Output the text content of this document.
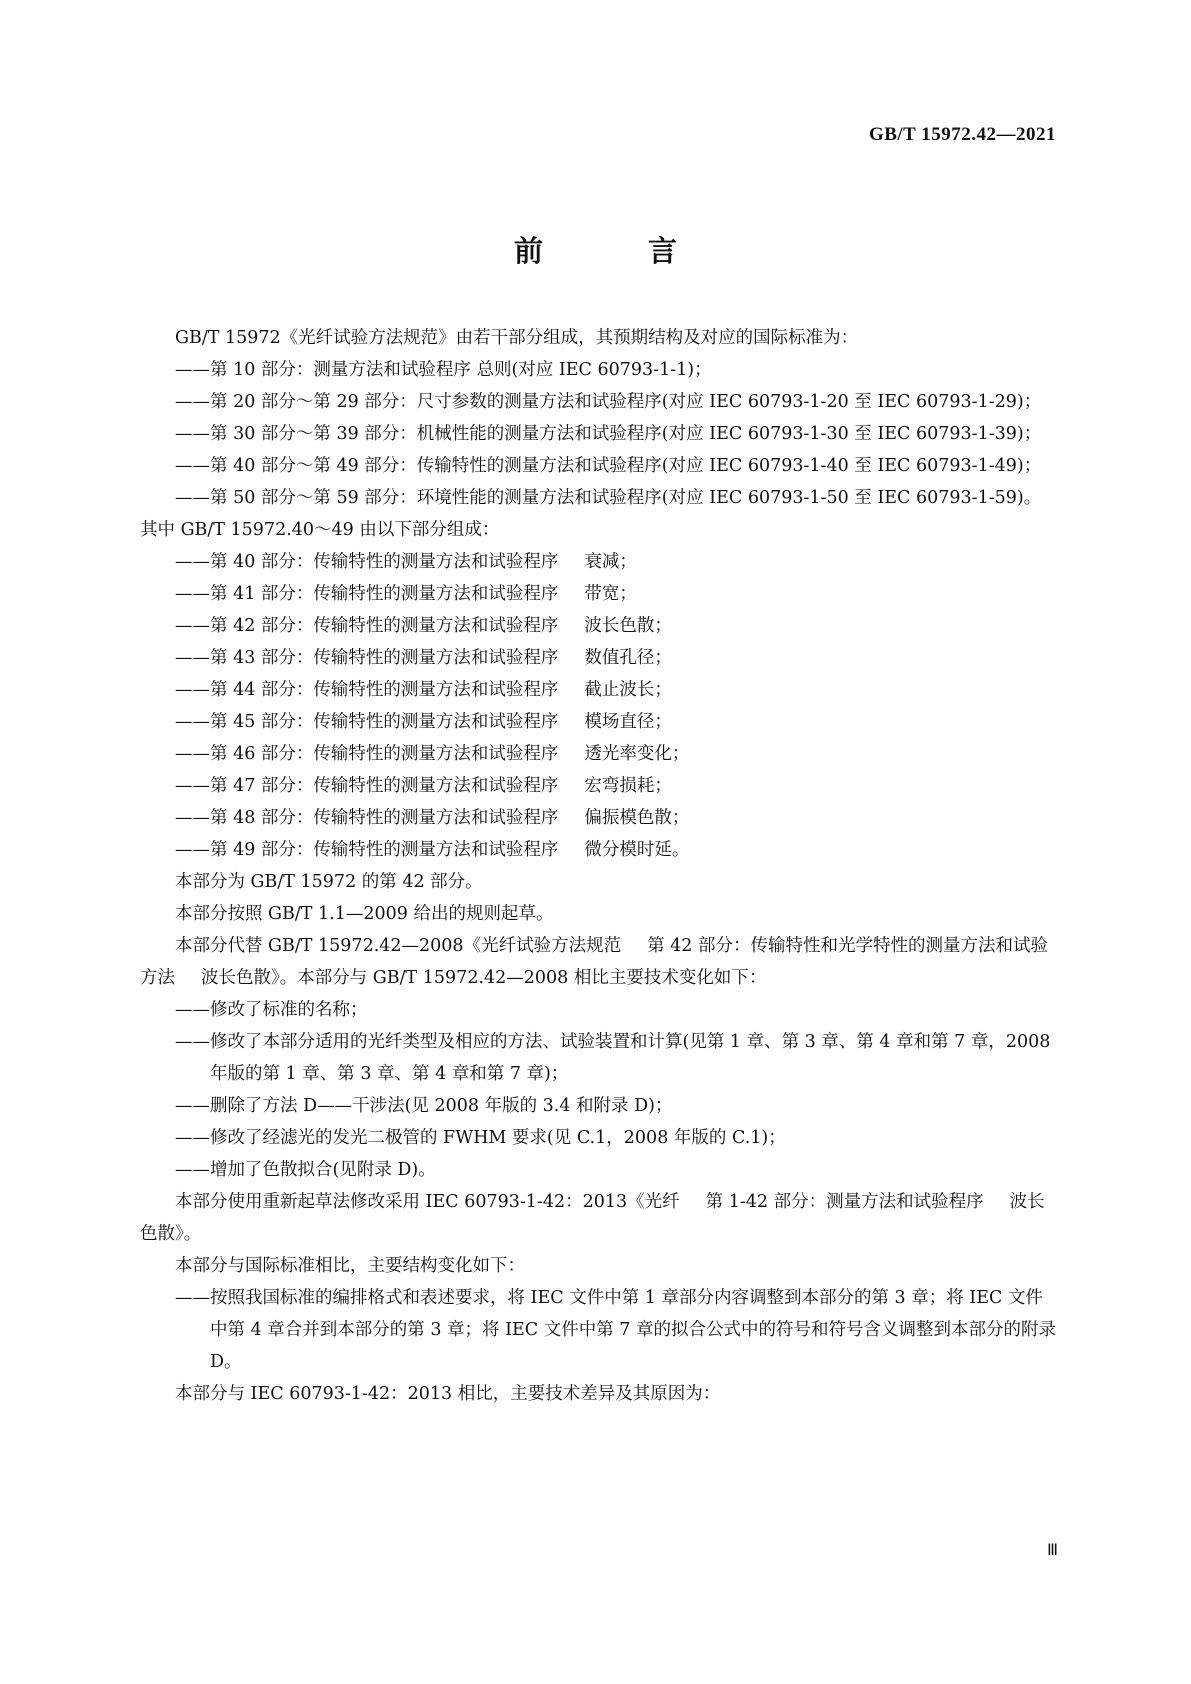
GB/T 15972.42—2021
前　言
GB/T 15972《光纤试验方法规范》由若干部分组成，其预期结构及对应的国际标准为：
——第 10 部分：测量方法和试验程序 总则(对应 IEC 60793-1-1)；
——第 20 部分～第 29 部分：尺寸参数的测量方法和试验程序(对应 IEC 60793-1-20 至 IEC 60793-1-29)；
——第 30 部分～第 39 部分：机械性能的测量方法和试验程序(对应 IEC 60793-1-30 至 IEC 60793-1-39)；
——第 40 部分～第 49 部分：传输特性的测量方法和试验程序(对应 IEC 60793-1-40 至 IEC 60793-1-49)；
——第 50 部分～第 59 部分：环境性能的测量方法和试验程序(对应 IEC 60793-1-50 至 IEC 60793-1-59)。
其中 GB/T 15972.40～49 由以下部分组成：
——第 40 部分：传输特性的测量方法和试验程序 衰减；
——第 41 部分：传输特性的测量方法和试验程序 带宽；
——第 42 部分：传输特性的测量方法和试验程序 波长色散；
——第 43 部分：传输特性的测量方法和试验程序 数值孔径；
——第 44 部分：传输特性的测量方法和试验程序 截止波长；
——第 45 部分：传输特性的测量方法和试验程序 模场直径；
——第 46 部分：传输特性的测量方法和试验程序 透光率变化；
——第 47 部分：传输特性的测量方法和试验程序 宏弯损耗；
——第 48 部分：传输特性的测量方法和试验程序 偏振模色散；
——第 49 部分：传输特性的测量方法和试验程序 微分模时延。
本部分为 GB/T 15972 的第 42 部分。
本部分按照 GB/T 1.1—2009 给出的规则起草。
本部分代替 GB/T 15972.42—2008《光纤试验方法规范 第 42 部分：传输特性和光学特性的测量方法和试验方法 波长色散》。本部分与 GB/T 15972.42—2008 相比主要技术变化如下：
——修改了标准的名称；
——修改了本部分适用的光纤类型及相应的方法、试验装置和计算(见第 1 章、第 3 章、第 4 章和第 7 章，2008 年版的第 1 章、第 3 章、第 4 章和第 7 章)；
——删除了方法 D——干涉法(见 2008 年版的 3.4 和附录 D)；
——修改了经滤光的发光二极管的 FWHM 要求(见 C.1，2008 年版的 C.1)；
——增加了色散拟合(见附录 D)。
本部分使用重新起草法修改采用 IEC 60793-1-42：2013《光纤 第 1-42 部分：测量方法和试验程序 波长色散》。
本部分与国际标准相比，主要结构变化如下：
——按照我国标准的编排格式和表述要求，将 IEC 文件中第 1 章部分内容调整到本部分的第 3 章；将 IEC 文件中第 4 章合并到本部分的第 3 章；将 IEC 文件中第 7 章的拟合公式中的符号和符号含义调整到本部分的附录 D。
本部分与 IEC 60793-1-42：2013 相比，主要技术差异及其原因为：
Ⅲ
